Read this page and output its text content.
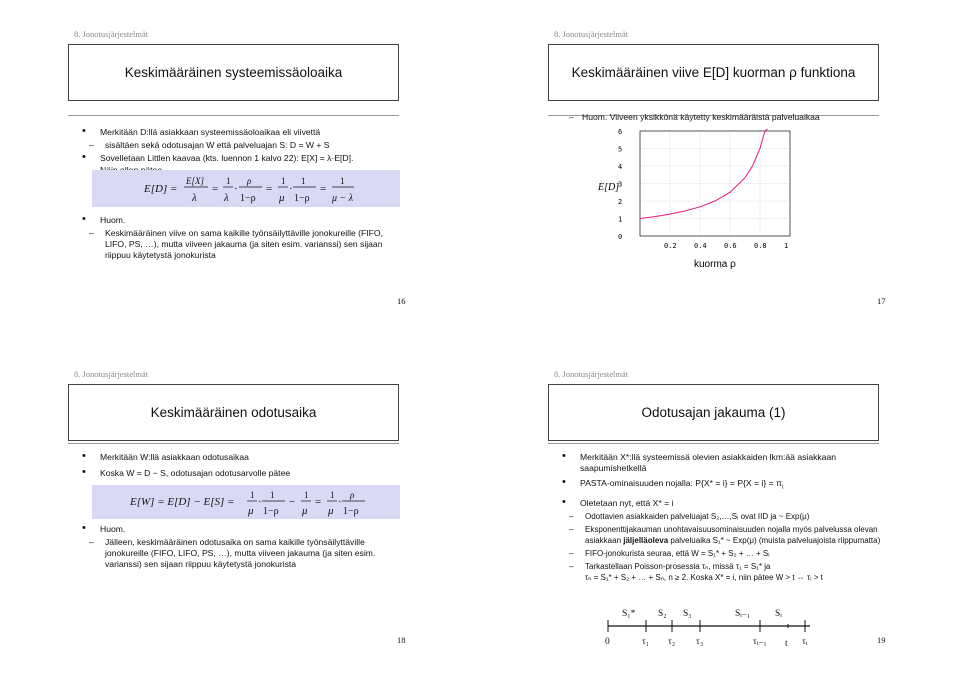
8. Jonotusjärjestelmät
Keskimääräinen systeemissäoloaika
• Merkitään D:llä asiakkaan systeemissäoloaikaa eli viivettä
– sisältäen sekä odotusajan W että palveluajan S: D = W + S
• Sovelletaan Littlen kaavaa (kts. luennon 1 kalvo 22): E[X] = λ·E[D].
E[D] =
E[X]
λ
=
1
λ
·
ρ
1−ρ
=
1
μ
·
1
1−ρ
=
1
μ − λ
• Huom.
– Keskimääräinen viive on sama kaikille työnsäilyttäville jonokureille (FIFO, LIFO, PS, …), mutta viiveen jakauma (ja siten esim. varianssi) sen sijaan riippuu käytetystä jonokurista
16
8. Jonotusjärjestelmät
Keskimääräinen viive E[D] kuorman ρ funktiona
– Huom. Viiveen yksikkönä käytetty keskimääräistä palveluaikaa
0
1
2
3
4
5
6
0.2 0.4 0.6 0.8 1
E[D]
kuorma ρ
17
8. Jonotusjärjestelmät
Keskimääräinen odotusaika
• Merkitään W:llä asiakkaan odotusaikaa
• Koska W = D − S, odotusajan odotusarvolle pätee
E[W] = E[D] − E[S] =
1
μ
·
1
1−ρ
−
1
μ
=
1
μ
·
ρ
1−ρ
• Huom.
– Jälleen, keskimääräinen odotusaika on sama kaikille työnsäilyttäville jonokureille (FIFO, LIFO, PS, …), mutta viiveen jakauma (ja siten esim. varianssi) sen sijaan riippuu käytetystä jonokurista
18
8. Jonotusjärjestelmät
Odotusajan jakauma (1)
• Merkitään X*:llä systeemissä olevien asiakkaiden lkm:ää asiakkaan saapumishetkellä
• PASTA-ominaisuuden nojalla: $P\{X* = i\} = P\{X = i\} = \pi_i$
• Oletetaan nyt, että X* = i
– Odottavien asiakkaiden palveluajat S₂,…,Sᵢ ovat IID ja ~ Exp(μ)
– Eksponenttijakauman unohtavaisuusominaisuuden nojalla myös palvelussa olevan asiakkaan jäljelläoleva palveluaika S₁* ~ Exp(μ) (muista palveluajoista riippumatta)
– FIFO-jonokurista seuraa, että W = S₁* + S₂ + … + Sᵢ
– Tarkastellaan Poisson-prosessia τₙ, missä τ₁ = S₁* ja
τₙ = S₁* + S₂ + … + Sₙ, n ≥ 2. Koska X* = i, niin pätee W > t ⇔ τᵢ > t
S₁* S₂ S₃	Sᵢ₋₁	Sᵢ
0	τ₁ τ₂ τ₃	τᵢ₋₁ t τᵢ	19
